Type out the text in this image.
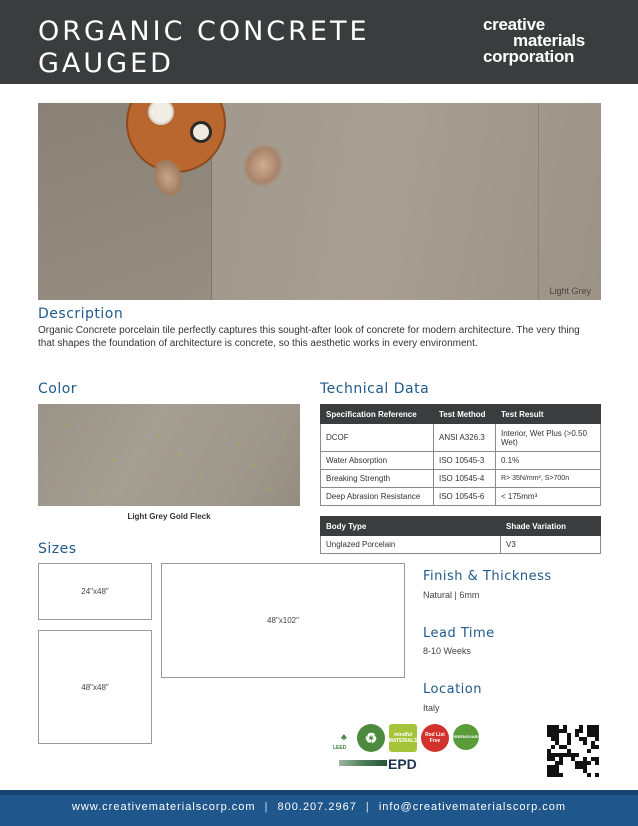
ORGANIC CONCRETE
GAUGED
creative
materials
corporation
Light Grey
Description
Organic Concrete porcelain tile perfectly captures this sought-after look of concrete for modern architecture. The very thing that shapes the foundation of architecture is concrete, so this aesthetic works in every environment.
Color
Light Grey Gold Fleck
Technical Data
Specification Reference	Test Method	Test Result
DCOF	ANSI A326.3	Interior, Wet Plus (>0.50 Wet)
Water Absorption	ISO 10545-3	0.1%
Breaking Strength	ISO 10545-4	R> 35N/mm², S>700n
Deep Abrasion Resistance	ISO 10545-6	< 175mm³
Body Type	Shade Variation
Unglazed Porcelain	V3
Sizes
24"x48"
48"x48"
48"x102"
Finish & Thickness
Natural | 6mm
Lead Time
8-10 Weeks
Location
Italy
♣
LEED
♻	mindful MATERIALS
Red List Free
GREENGUARD
EPD
www.creativematerialscorp.com | 800.207.2967 | info@creativematerialscorp.com
